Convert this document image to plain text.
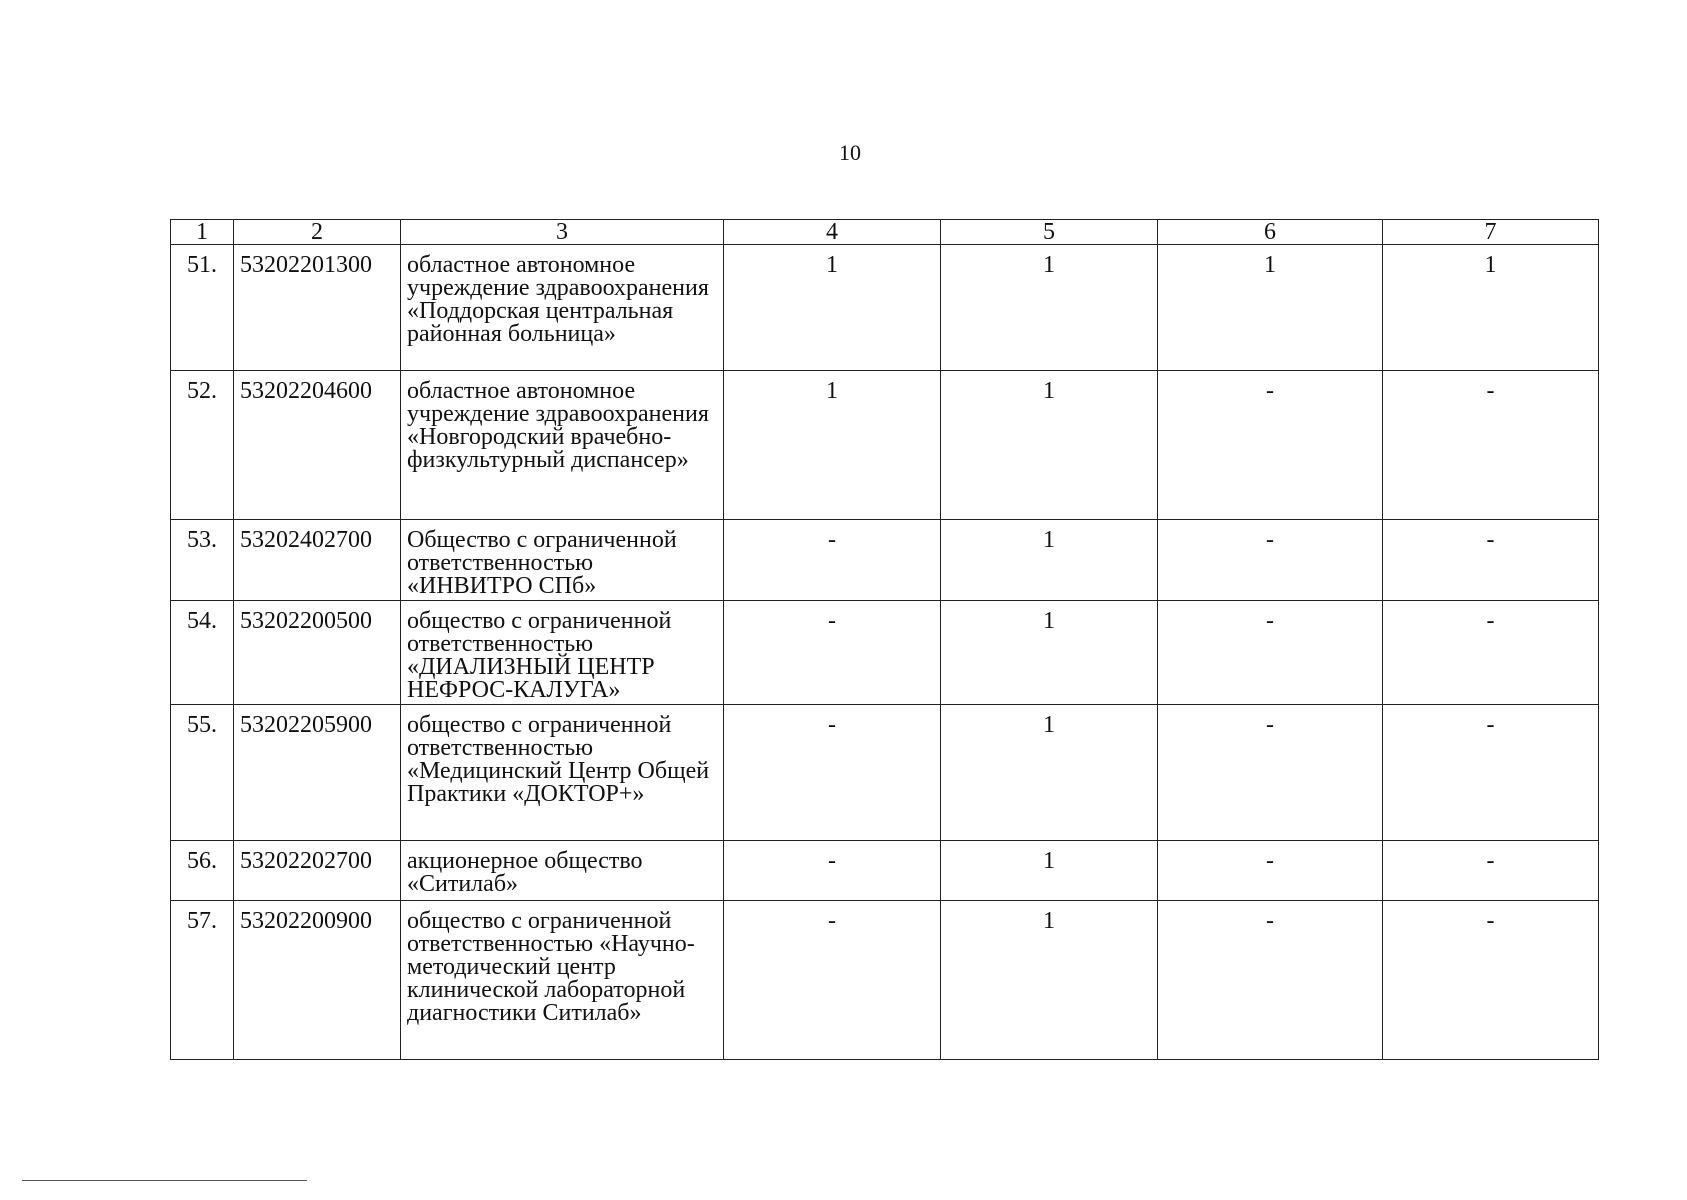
10
1	2	3	4	5	6	7
51.	53202201300	областное автономное учреждение здравоохранения «Поддорская центральная районная больница»	1	1	1	1
52.	53202204600	областное автономное учреждение здравоохранения «Новгородский врачебно-физкультурный диспансер»	1	1	-	-
53.	53202402700	Общество с ограниченной ответственностью «ИНВИТРО СПб»	-	1	-	-
54.	53202200500	общество с ограниченной ответственностью «ДИАЛИЗНЫЙ ЦЕНТР НЕФРОС-КАЛУГА»	-	1	-	-
55.	53202205900	общество с ограниченной ответственностью «Медицинский Центр Общей Практики «ДОКТОР+»	-	1	-	-
56.	53202202700	акционерное общество «Ситилаб»	-	1	-	-
57.	53202200900	общество с ограниченной ответственностью «Научно-методический центр клинической лабораторной диагностики Ситилаб»	-	1	-	-
